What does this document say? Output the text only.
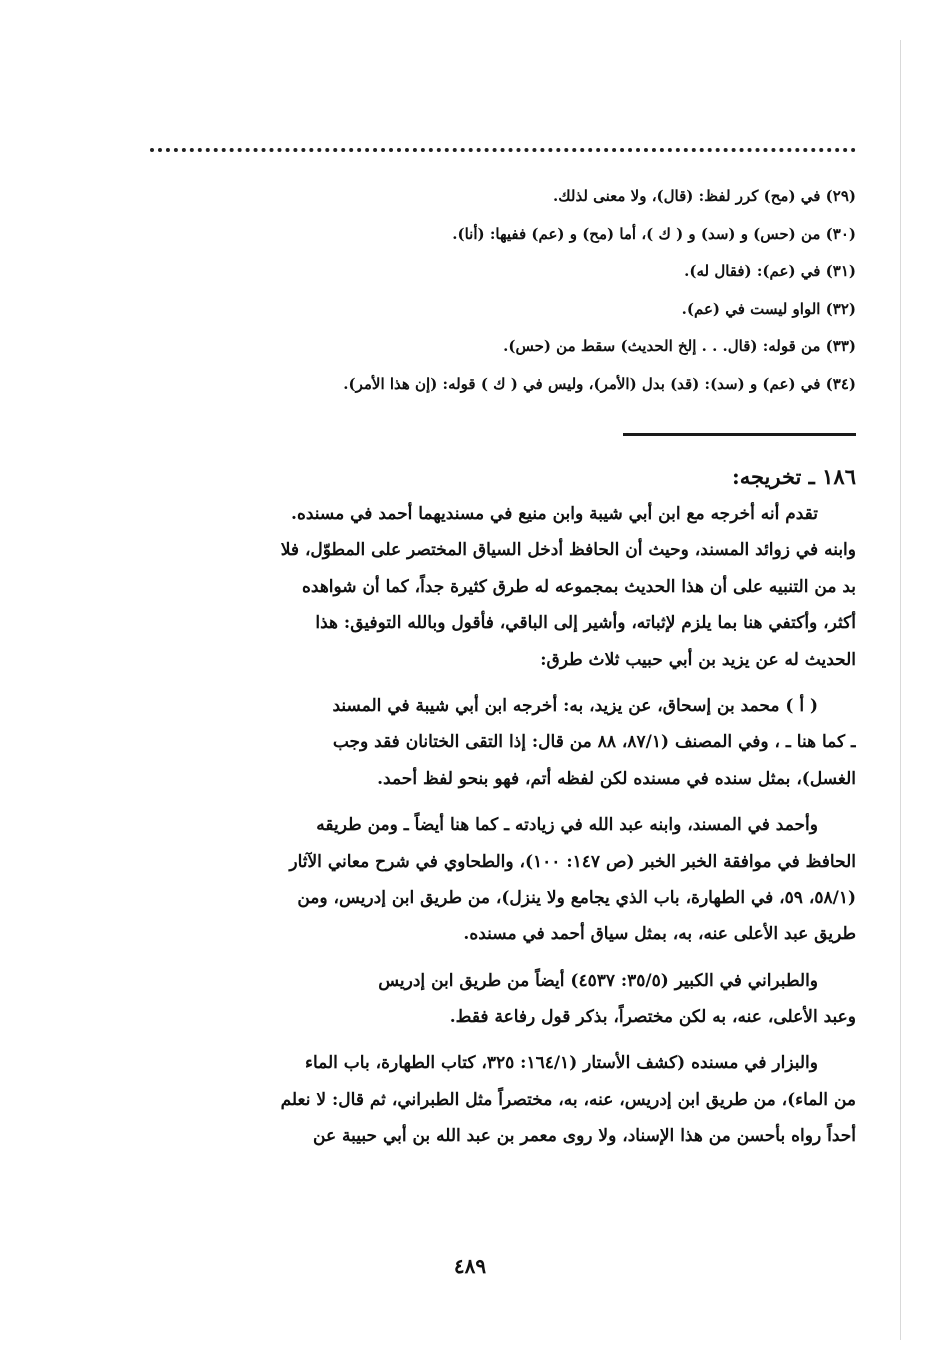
(٢٩) في (مح) كرر لفظ: (قال)، ولا معنى لذلك.
(٣٠) من (حس) و (سد) و ( ك )، أما (مح) و (عم) ففيها: (أنا).
(٣١) في (عم): (فقال له).
(٣٢) الواو ليست في (عم).
(٣٣) من قوله: (قال. . . إلخ الحديث) سقط من (حس).
(٣٤) في (عم) و (سد): (قد) بدل (الأمر)، وليس في ( ك ) قوله: (إن هذا الأمر).
١٨٦ ـ تخريجه:
تقدم أنه أخرجه مع ابن أبي شيبة وابن منيع في مسنديهما أحمد في مسنده.
وابنه في زوائد المسند، وحيث أن الحافظ أدخل السياق المختصر على المطوّل، فلا
بد من التنبيه على أن هذا الحديث بمجموعه له طرق كثيرة جداً، كما أن شواهده
أكثر، وأكتفي هنا بما يلزم لإثباته، وأشير إلى الباقي، فأقول وبالله التوفيق: هذا
الحديث له عن يزيد بن أبي حبيب ثلاث طرق:
( أ ) محمد بن إسحاق، عن يزيد، به: أخرجه ابن أبي شيبة في المسند
ـ كما هنا ـ ، وفي المصنف (٨٧/١، ٨٨ من قال: إذا التقى الختانان فقد وجب
الغسل)، بمثل سنده في مسنده لكن لفظه أتم، فهو بنحو لفظ أحمد.
وأحمد في المسند، وابنه عبد الله في زيادته ـ كما هنا أيضاً ـ ومن طريقه
الحافظ في موافقة الخبر الخبر (ص ١٤٧: ١٠٠)، والطحاوي في شرح معاني الآثار
(٥٨/١، ٥٩، في الطهارة، باب الذي يجامع ولا ينزل)، من طريق ابن إدريس، ومن
طريق عبد الأعلى عنه، به، بمثل سياق أحمد في مسنده.
والطبراني في الكبير (٣٥/٥: ٤٥٣٧) أيضاً من طريق ابن إدريس
وعبد الأعلى، عنه، به لكن مختصراً، بذكر قول رفاعة فقط.
والبزار في مسنده (كشف الأستار (١٦٤/١: ٣٢٥، كتاب الطهارة، باب الماء
من الماء)، من طريق ابن إدريس، عنه، به، مختصراً مثل الطبراني، ثم قال: لا نعلم
أحداً رواه بأحسن من هذا الإسناد، ولا روى معمر بن عبد الله بن أبي حبيبة عن
٤٨٩
